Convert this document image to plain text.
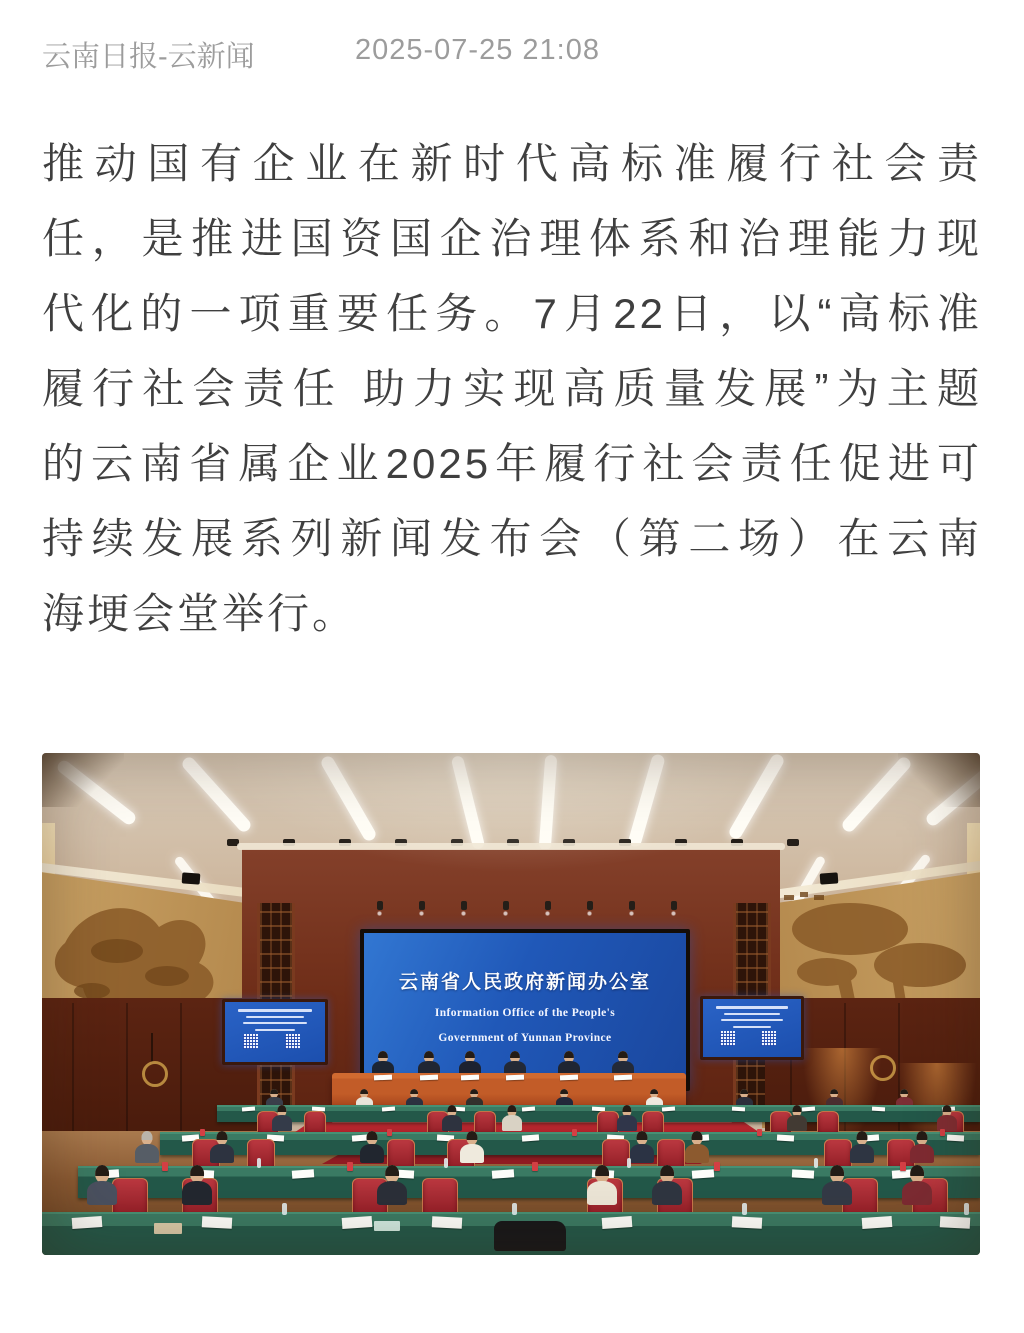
云南日报-云新闻	2025-07-25 21:08
推动国有企业在新时代高标准履行社会责
任，是推进国资国企治理体系和治理能力现
代化的一项重要任务。7月22日，以“高标准
履行社会责任 助力实现高质量发展”为主题
的云南省属企业2025年履行社会责任促进可
持续发展系列新闻发布会（第二场）在云南
海埂会堂举行。
云南省人民政府新闻办公室
Information Office of the People's
Government of Yunnan Province
